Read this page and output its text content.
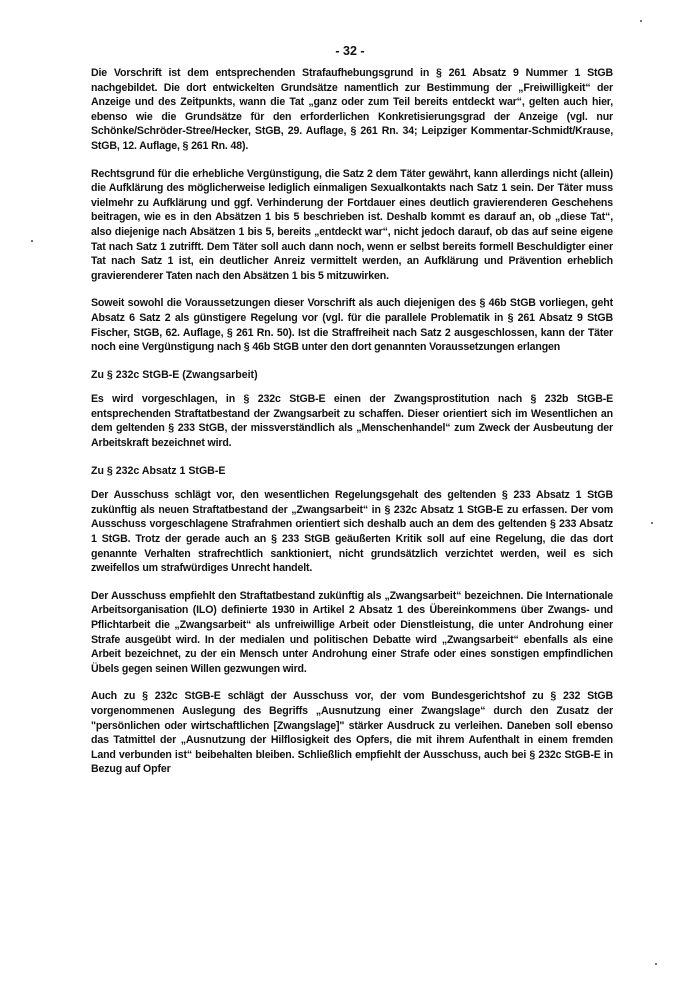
- 32 -

Die Vorschrift ist dem entsprechenden Strafaufhebungsgrund in § 261 Absatz 9 Nummer 1 StGB nachgebildet. Die dort entwickelten Grundsätze namentlich zur Bestimmung der „Freiwilligkeit“ der Anzeige und des Zeitpunkts, wann die Tat „ganz oder zum Teil bereits entdeckt war“, gelten auch hier, ebenso wie die Grundsätze für den erforderlichen Konkretisierungsgrad der Anzeige (vgl. nur Schönke/Schröder-Stree/Hecker, StGB, 29. Auflage, § 261 Rn. 34; Leipziger Kommentar-Schmidt/Krause, StGB, 12. Auflage, § 261 Rn. 48).

Rechtsgrund für die erhebliche Vergünstigung, die Satz 2 dem Täter gewährt, kann allerdings nicht (allein) die Aufklärung des möglicherweise lediglich einmaligen Sexualkontakts nach Satz 1 sein. Der Täter muss vielmehr zu Aufklärung und ggf. Verhinderung der Fortdauer eines deutlich gravierenderen Geschehens beitragen, wie es in den Absätzen 1 bis 5 beschrieben ist. Deshalb kommt es darauf an, ob „diese Tat“, also diejenige nach Absätzen 1 bis 5, bereits „entdeckt war“, nicht jedoch darauf, ob das auf seine eigene Tat nach Satz 1 zutrifft. Dem Täter soll auch dann noch, wenn er selbst bereits formell Beschuldigter einer Tat nach Satz 1 ist, ein deutlicher Anreiz vermittelt werden, an Aufklärung und Prävention erheblich gravierenderer Taten nach den Absätzen 1 bis 5 mitzuwirken.

Soweit sowohl die Voraussetzungen dieser Vorschrift als auch diejenigen des § 46b StGB vorliegen, geht Absatz 6 Satz 2 als günstigere Regelung vor (vgl. für die parallele Problematik in § 261 Absatz 9 StGB Fischer, StGB, 62. Auflage, § 261 Rn. 50). Ist die Straffreiheit nach Satz 2 ausgeschlossen, kann der Täter noch eine Vergünstigung nach § 46b StGB unter den dort genannten Voraussetzungen erlangen

Zu § 232c StGB-E (Zwangsarbeit)

Es wird vorgeschlagen, in § 232c StGB-E einen der Zwangsprostitution nach § 232b StGB-E entsprechenden Straftatbestand der Zwangsarbeit zu schaffen. Dieser orientiert sich im Wesentlichen an dem geltenden § 233 StGB, der missverständlich als „Menschenhandel“ zum Zweck der Ausbeutung der Arbeitskraft bezeichnet wird.

Zu § 232c Absatz 1 StGB-E

Der Ausschuss schlägt vor, den wesentlichen Regelungsgehalt des geltenden § 233 Absatz 1 StGB zukünftig als neuen Straftatbestand der „Zwangsarbeit“ in § 232c Absatz 1 StGB-E zu erfassen. Der vom Ausschuss vorgeschlagene Strafrahmen orientiert sich deshalb auch an dem des geltenden § 233 Absatz 1 StGB. Trotz der gerade auch an § 233 StGB geäußerten Kritik soll auf eine Regelung, die das dort genannte Verhalten strafrechtlich sanktioniert, nicht grundsätzlich verzichtet werden, weil es sich zweifellos um strafwürdiges Unrecht handelt.

Der Ausschuss empfiehlt den Straftatbestand zukünftig als „Zwangsarbeit“ bezeichnen. Die Internationale Arbeitsorganisation (ILO) definierte 1930 in Artikel 2 Absatz 1 des Übereinkommens über Zwangs- und Pflichtarbeit die „Zwangsarbeit“ als unfreiwillige Arbeit oder Dienstleistung, die unter Androhung einer Strafe ausgeübt wird. In der medialen und politischen Debatte wird „Zwangsarbeit“ ebenfalls als eine Arbeit bezeichnet, zu der ein Mensch unter Androhung einer Strafe oder eines sonstigen empfindlichen Übels gegen seinen Willen gezwungen wird.

Auch zu § 232c StGB-E schlägt der Ausschuss vor, der vom Bundesgerichtshof zu § 232 StGB vorgenommenen Auslegung des Begriffs „Ausnutzung einer Zwangslage“ durch den Zusatz der "persönlichen oder wirtschaftlichen [Zwangslage]" stärker Ausdruck zu verleihen. Daneben soll ebenso das Tatmittel der „Ausnutzung der Hilflosigkeit des Opfers, die mit ihrem Aufenthalt in einem fremden Land verbunden ist“ beibehalten bleiben. Schließlich empfiehlt der Ausschuss, auch bei § 232c StGB-E in Bezug auf Opfer
